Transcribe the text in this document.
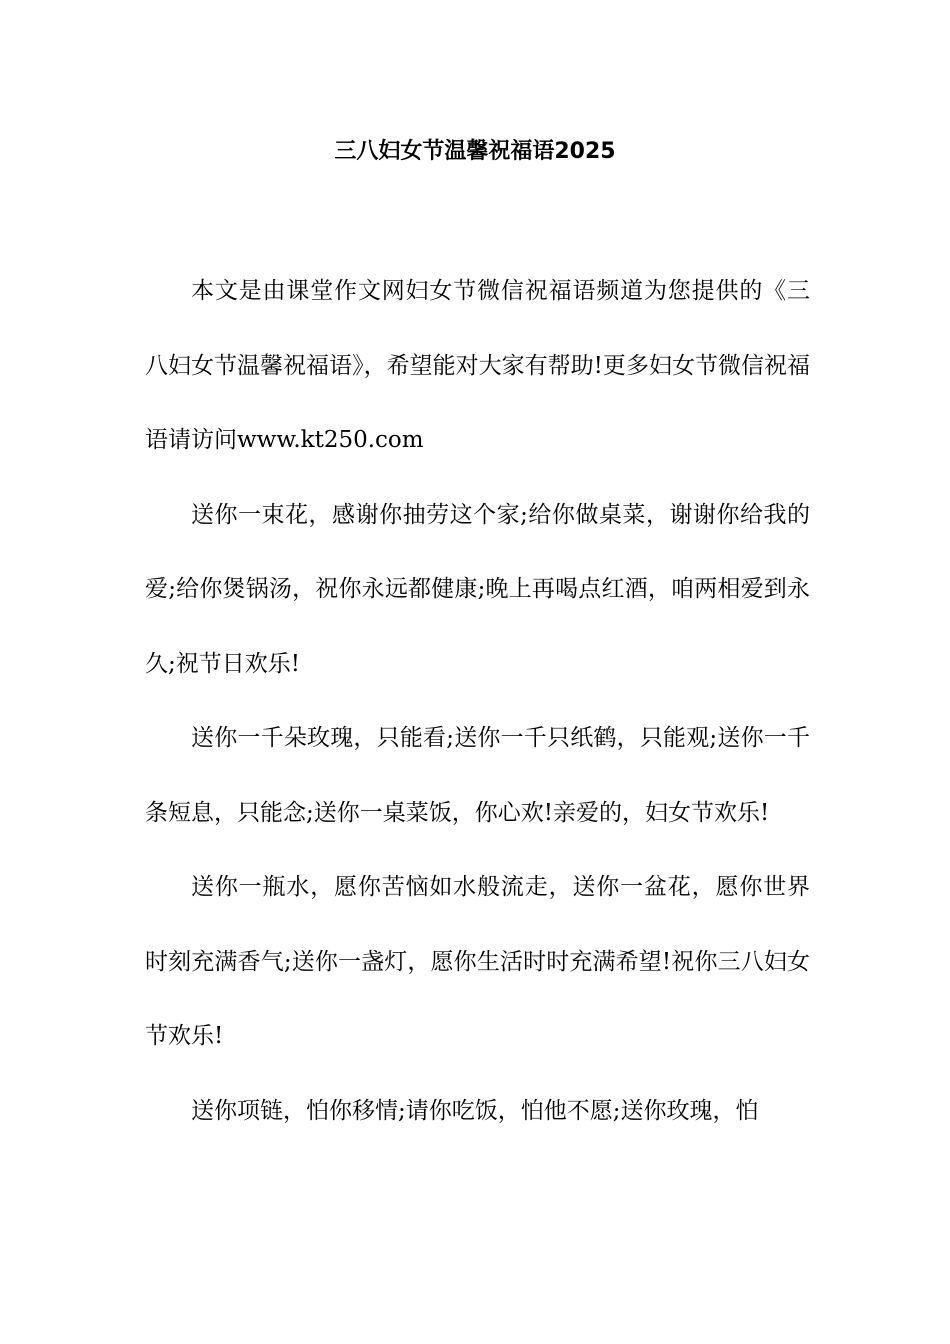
三八妇女节温馨祝福语2025

本文是由课堂作文网妇女节微信祝福语频道为您提供的《三八妇女节温馨祝福语》，希望能对大家有帮助!更多妇女节微信祝福语请访问www.kt250.com

送你一束花，感谢你抽劳这个家;给你做桌菜，谢谢你给我的爱;给你煲锅汤，祝你永远都健康;晚上再喝点红酒，咱两相爱到永久;祝节日欢乐!

送你一千朵玫瑰，只能看;送你一千只纸鹤，只能观;送你一千条短息，只能念;送你一桌菜饭，你心欢!亲爱的，妇女节欢乐!

送你一瓶水，愿你苦恼如水般流走，送你一盆花，愿你世界时刻充满香气;送你一盏灯，愿你生活时时充满希望!祝你三八妇女节欢乐!

送你项链，怕你移情;请你吃饭，怕他不愿;送你玫瑰，怕
